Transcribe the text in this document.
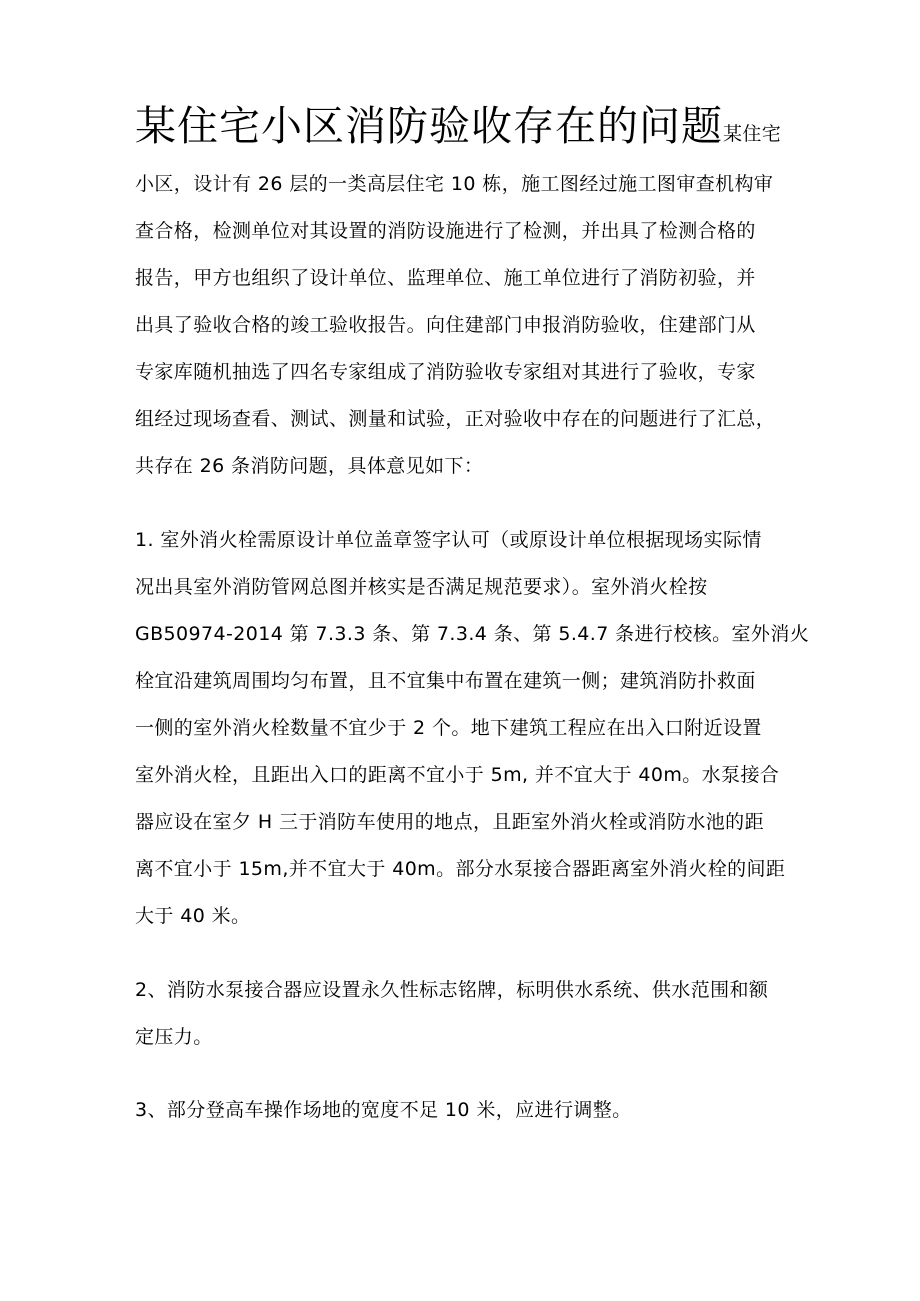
某住宅小区消防验收存在的问题某住宅
小区，设计有 26 层的一类高层住宅 10 栋，施工图经过施工图审查机构审
查合格，检测单位对其设置的消防设施进行了检测，并出具了检测合格的
报告，甲方也组织了设计单位、监理单位、施工单位进行了消防初验，并
出具了验收合格的竣工验收报告。向住建部门申报消防验收，住建部门从
专家库随机抽选了四名专家组成了消防验收专家组对其进行了验收，专家
组经过现场查看、测试、测量和试验，正对验收中存在的问题进行了汇总，
共存在 26 条消防问题，具体意见如下：
1. 室外消火栓需原设计单位盖章签字认可（或原设计单位根据现场实际情
况出具室外消防管网总图并核实是否满足规范要求）。室外消火栓按
GB50974-2014 第 7.3.3 条、第 7.3.4 条、第 5.4.7 条进行校核。室外消火
栓宜沿建筑周围均匀布置，且不宜集中布置在建筑一侧；建筑消防扑救面
一侧的室外消火栓数量不宜少于 2 个。地下建筑工程应在出入口附近设置
室外消火栓，且距出入口的距离不宜小于 5m, 并不宜大于 40m。水泵接合
器应设在室夕 H 三于消防车使用的地点，且距室外消火栓或消防水池的距
离不宜小于 15m,并不宜大于 40m。部分水泵接合器距离室外消火栓的间距
大于 40 米。
2、消防水泵接合器应设置永久性标志铭牌，标明供水系统、供水范围和额
定压力。
3、部分登高车操作场地的宽度不足 10 米，应进行调整。
